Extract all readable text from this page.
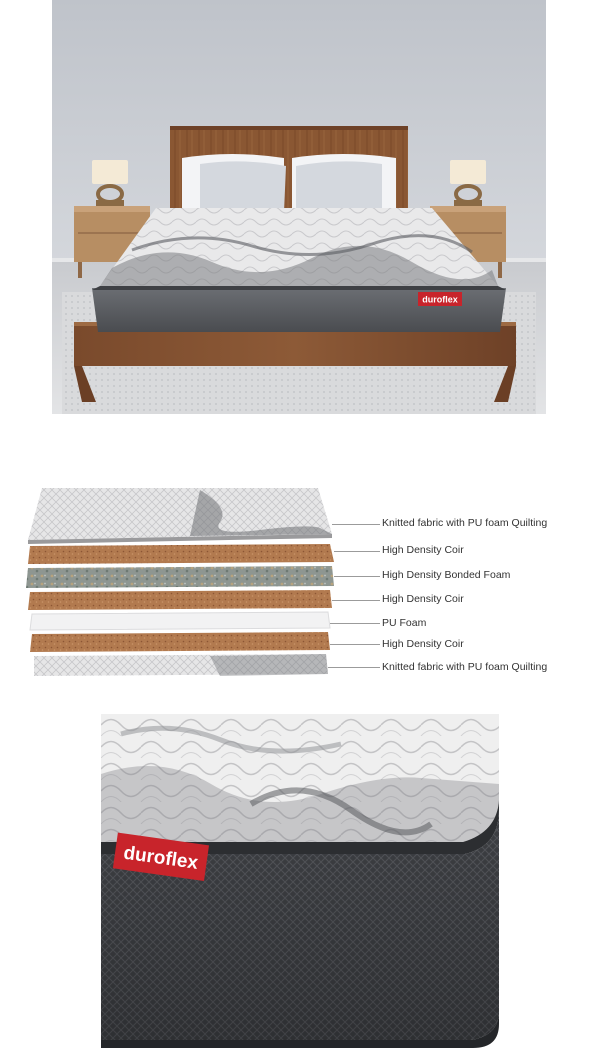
duroflex
Knitted fabric with PU foam Quilting
High Density Coir
High Density Bonded Foam
High Density Coir
PU Foam
High Density Coir
Knitted fabric with PU foam Quilting
duroflex
